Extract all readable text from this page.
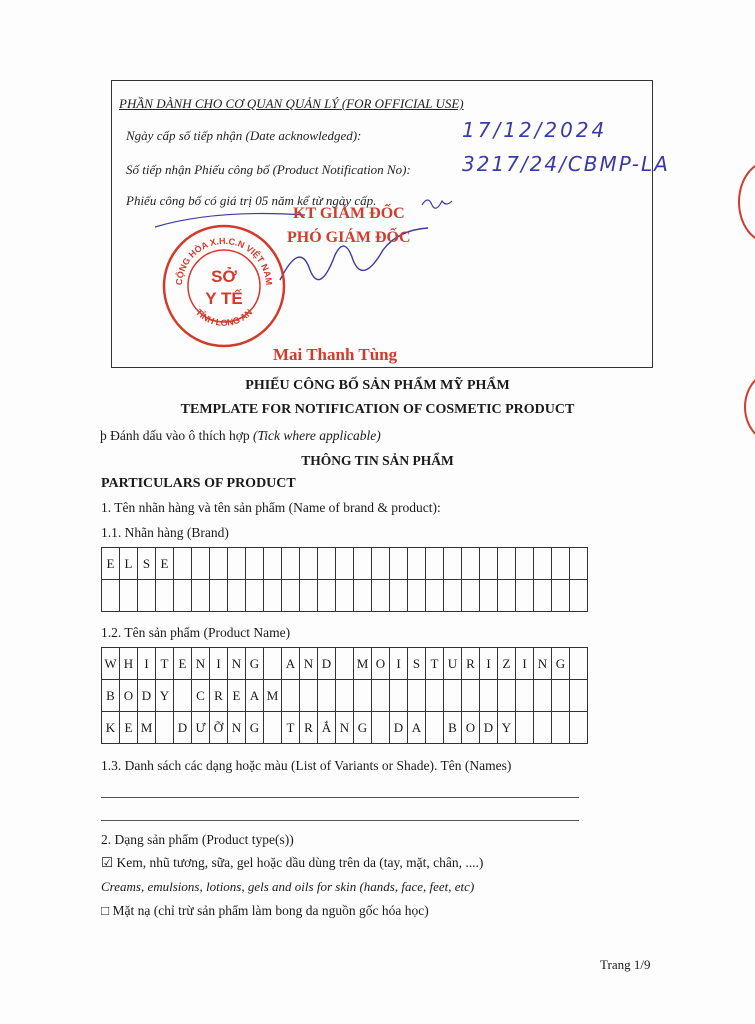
PHẦN DÀNH CHO CƠ QUAN QUẢN LÝ (FOR OFFICIAL USE)
Ngày cấp số tiếp nhận (Date acknowledged):	17/12/2024
Số tiếp nhận Phiếu công bố (Product Notification No):	3217/24/CBMP-LA
Phiếu công bố có giá trị 05 năm kể từ ngày cấp.
CỘNG HÒA X.H.C.N VIỆT NAM
TỈNH LONG AN
SỞ
Y TẾ
KT GIÁM ĐỐC
PHÓ GIÁM ĐỐC
Mai Thanh Tùng
PHIẾU CÔNG BỐ SẢN PHẨM MỸ PHẨM
TEMPLATE FOR NOTIFICATION OF COSMETIC PRODUCT
þ Đánh dấu vào ô thích hợp (Tick where applicable)
THÔNG TIN SẢN PHẨM
PARTICULARS OF PRODUCT
1. Tên nhãn hàng và tên sản phẩm (Name of brand & product):
1.1. Nhãn hàng (Brand)
E	L	S	E																							

1.2. Tên sản phẩm (Product Name)
W	H	I	T	E	N	I	N	G		A	N	D		M	O	I	S	T	U	R	I	Z	I	N	G	
B	O	D	Y		C	R	E	A	M																	
K	E	M		D	Ư	Ỡ	N	G		T	R	Ắ	N	G		D	A		B	O	D	Y				
1.3. Danh sách các dạng hoặc màu (List of Variants or Shade). Tên (Names)
2. Dạng sản phẩm (Product type(s))
☑ Kem, nhũ tương, sữa, gel hoặc dầu dùng trên da (tay, mặt, chân, ....)
Creams, emulsions, lotions, gels and oils for skin (hands, face, feet, etc)
□ Mặt nạ (chỉ trừ sản phẩm làm bong da nguồn gốc hóa học)
Trang 1/9
